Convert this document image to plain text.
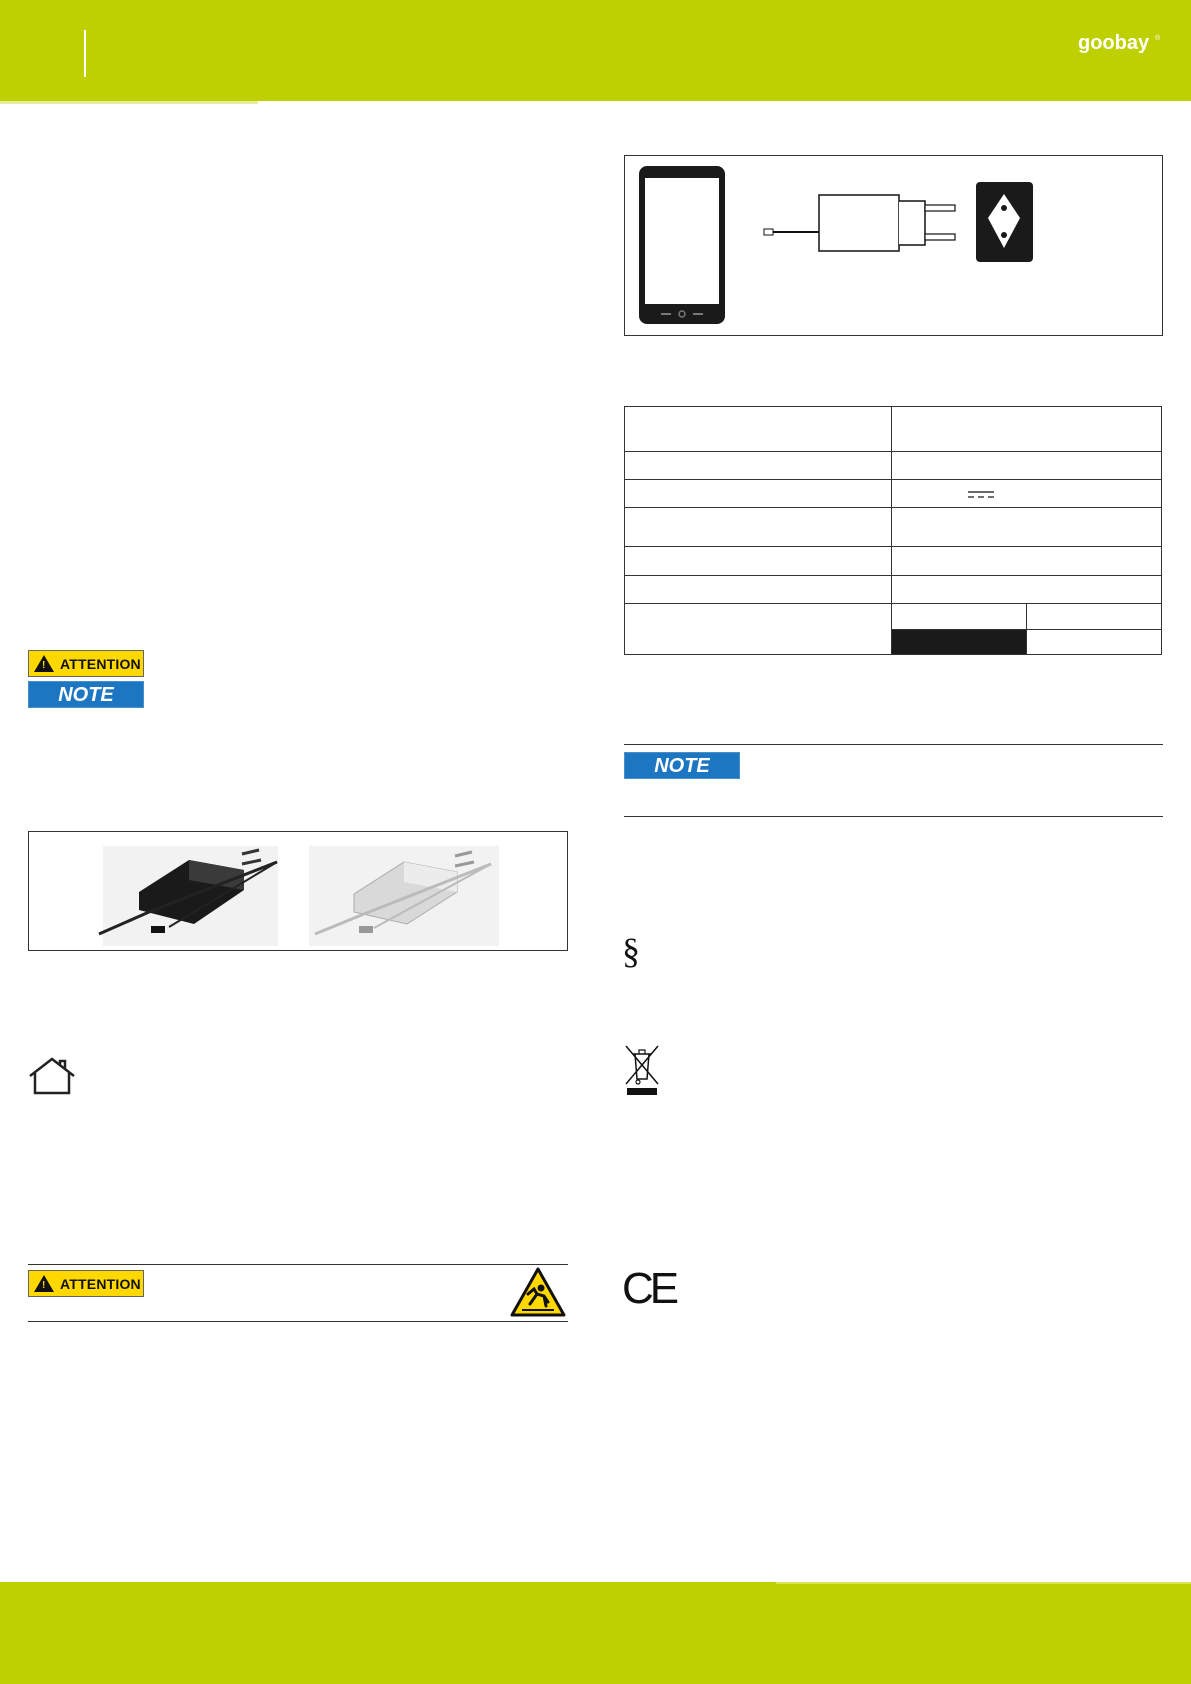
goobay ®
!
ATTENTION
NOTE
!
ATTENTION

NOTE
§
CE
